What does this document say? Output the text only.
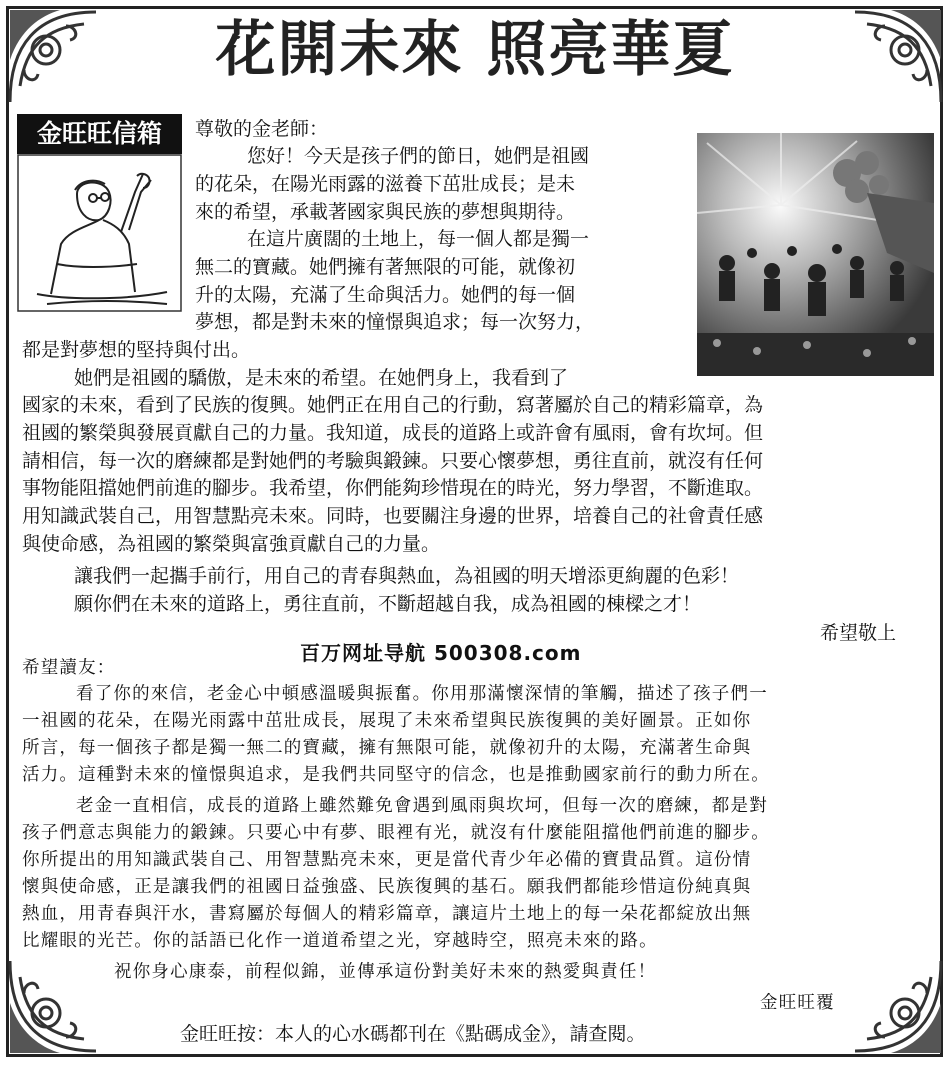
花開未來 照亮華夏
金旺旺信箱	尊敬的金老師：
您好！今天是孩子們的節日，她們是祖國
的花朵，在陽光雨露的滋養下茁壯成長；是未
來的希望，承載著國家與民族的夢想與期待。
在這片廣闊的土地上，每一個人都是獨一
無二的寶藏。她們擁有著無限的可能，就像初
升的太陽，充滿了生命與活力。她們的每一個
夢想，都是對未來的憧憬與追求；每一次努力，
都是對夢想的堅持與付出。
她們是祖國的驕傲，是未來的希望。在她們身上，我看到了
國家的未來，看到了民族的復興。她們正在用自己的行動，寫著屬於自己的精彩篇章，為
祖國的繁榮與發展貢獻自己的力量。我知道，成長的道路上或許會有風雨，會有坎坷。但
請相信，每一次的磨練都是對她們的考驗與鍛鍊。只要心懷夢想，勇往直前，就沒有任何
事物能阻擋她們前進的腳步。我希望，你們能夠珍惜現在的時光，努力學習，不斷進取。
用知識武裝自己，用智慧點亮未來。同時，也要關注身邊的世界，培養自己的社會責任感
與使命感，為祖國的繁榮與富強貢獻自己的力量。
讓我們一起攜手前行，用自己的青春與熱血，為祖國的明天增添更絢麗的色彩！
願你們在未來的道路上，勇往直前，不斷超越自我，成為祖國的棟樑之才！
希望敬上
百万网址导航 500308.com
希望讀友：
看了你的來信，老金心中頓感溫暖與振奮。你用那滿懷深情的筆觸，描述了孩子們一
一祖國的花朵，在陽光雨露中茁壯成長，展現了未來希望與民族復興的美好圖景。正如你
所言，每一個孩子都是獨一無二的寶藏，擁有無限可能，就像初升的太陽，充滿著生命與
活力。這種對未來的憧憬與追求，是我們共同堅守的信念，也是推動國家前行的動力所在。
老金一直相信，成長的道路上雖然難免會遇到風雨與坎坷，但每一次的磨練，都是對
孩子們意志與能力的鍛鍊。只要心中有夢、眼裡有光，就沒有什麼能阻擋他們前進的腳步。
你所提出的用知識武裝自己、用智慧點亮未來，更是當代青少年必備的寶貴品質。這份情
懷與使命感，正是讓我們的祖國日益強盛、民族復興的基石。願我們都能珍惜這份純真與
熱血，用青春與汗水，書寫屬於每個人的精彩篇章，讓這片土地上的每一朵花都綻放出無
比耀眼的光芒。你的話語已化作一道道希望之光，穿越時空，照亮未來的路。
祝你身心康泰，前程似錦，並傳承這份對美好未來的熱愛與責任！
金旺旺覆
金旺旺按：本人的心水碼都刊在《點碼成金》，請查閱。
